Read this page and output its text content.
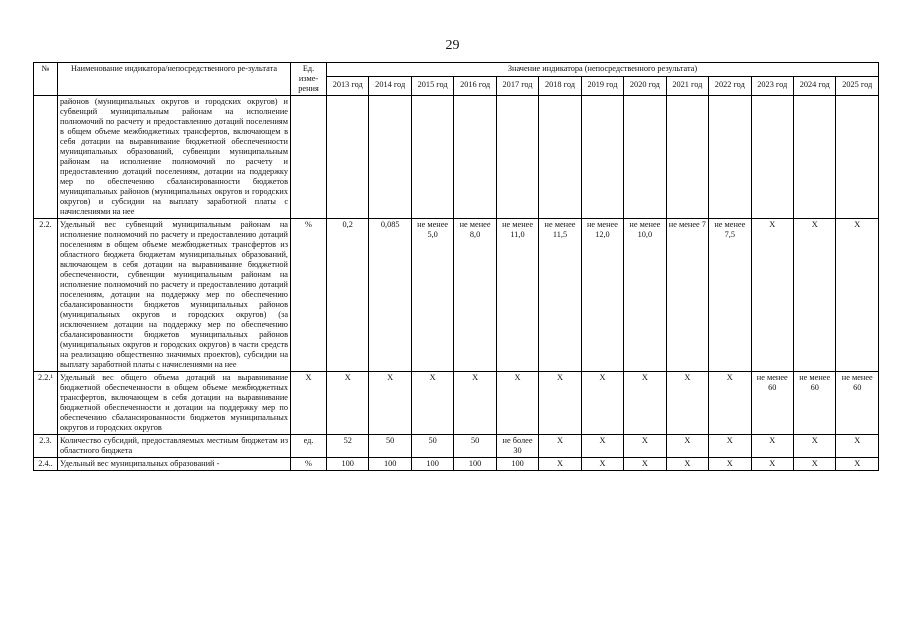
29
№	Наименование индикатора/непосредственного ре-зультата	Ед. изме-рения	Значение индикатора (непосредственного результата)												
			2013 год	2014 год	2015 год	2016 год	2017 год	2018 год	2019 год	2020 год	2021 год	2022 год	2023 год	2024 год	2025 год
	районов (муниципальных округов и городских округов) и субвенций муниципальным районам на исполнение полномочий по расчету и предоставлению дотаций поселениям в общем объеме межбюджетных трансфертов, включающем в себя дотации на выравнивание бюджетной обеспеченности муниципальных образований, субвенции муниципальным районам на исполнение полномочий по расчету и предоставлению дотаций поселениям, дотации на поддержку мер по обеспечению сбалансированности бюджетов муниципальных районов (муниципальных округов и городских округов) и субсидии на выплату заработной платы с начислениями на нее														
2.2.	Удельный вес субвенций муниципальным районам на исполнение полномочий по расчету и предоставлению дотаций поселениям в общем объеме межбюджетных трансфертов из областного бюджета бюджетам муниципальных образований, включающем в себя дотации на выравнивание бюджетной обеспеченности, субвенции муниципальным районам на исполнение полномочий по расчету и предоставлению дотаций поселениям, дотации на поддержку мер по обеспечению сбалансированности бюджетов муниципальных районов (муниципальных округов и городских округов) (за исключением дотации на поддержку мер по обеспечению сбалансированности бюджетов муниципальных районов (муниципальных округов и городских округов) в части средств на реализацию общественно значимых проектов), субсидии на выплату заработной платы с начислениями на нее	%	0,2	0,085	не менее 5,0	не менее 8,0	не менее 11,0	не менее 11,5	не менее 12,0	не менее 10,0	не менее 7	не менее 7,5	X	X	X
2.2.¹	Удельный вес общего объема дотаций на выравнивание бюджетной обеспеченности в общем объеме межбюджетных трансфертов, включающем в себя дотации на выравнивание бюджетной обеспеченности и дотации на поддержку мер по обеспечению сбалансированности бюджетов муниципальных округов и городских округов	X	X	X	X	X	X	X	X	X	X	X	не менее 60	не менее 60	не менее 60
2.3.	Количество субсидий, предоставляемых местным бюджетам из областного бюджета	ед.	52	50	50	50	не более 30	X	X	X	X	X	X	X	X
2.4..	Удельный вес муниципальных образований -	%	100	100	100	100	100	X	X	X	X	X	X	X	X
